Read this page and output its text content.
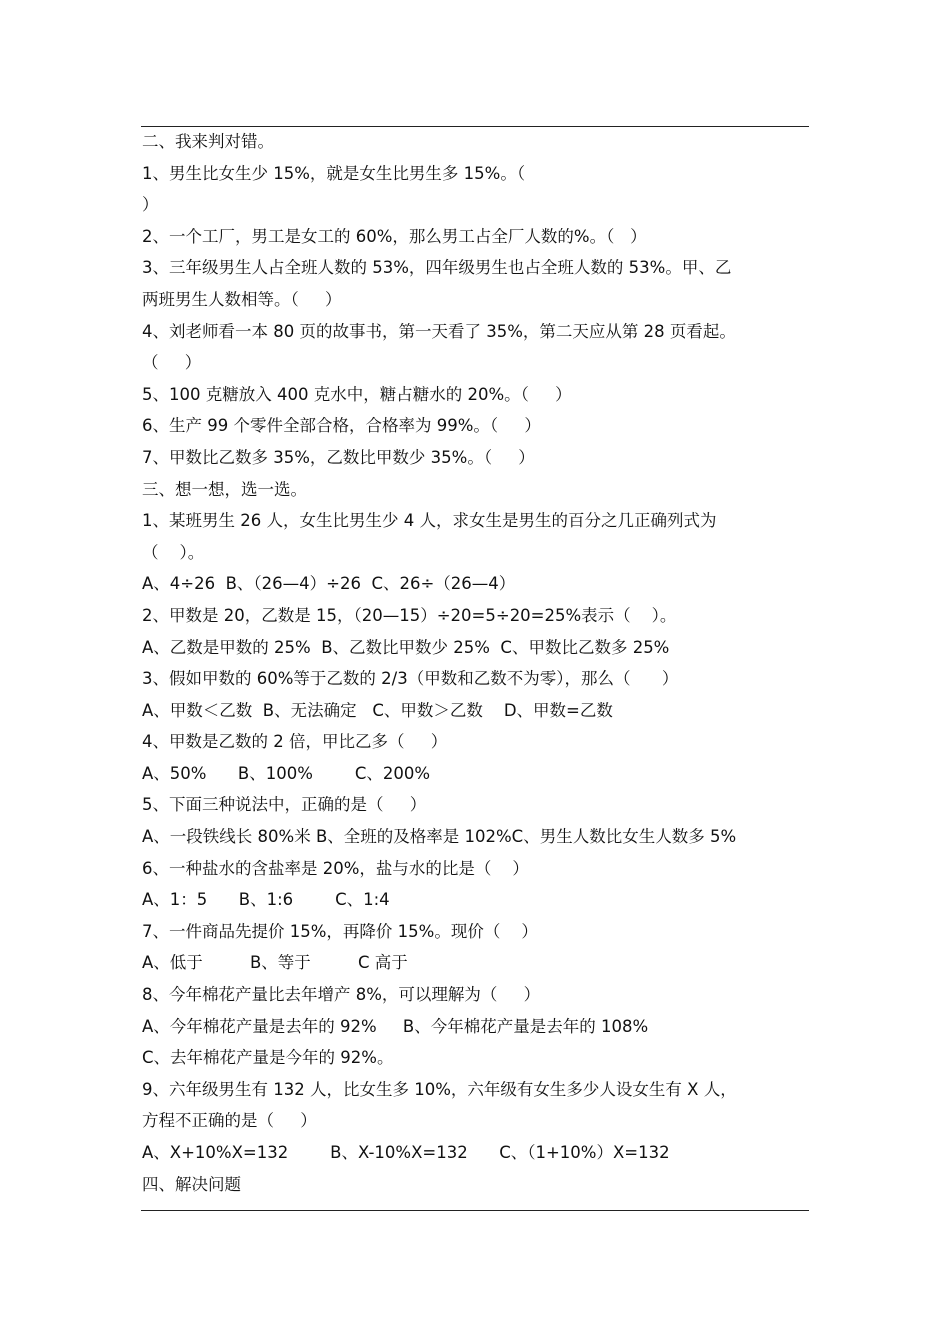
二、我来判对错。
1、男生比女生少 15%，就是女生比男生多 15%。（
）
2、一个工厂，男工是女工的 60%，那么男工占全厂人数的%。（   ）
3、三年级男生人占全班人数的 53%，四年级男生也占全班人数的 53%。甲、乙
两班男生人数相等。（     ）
4、刘老师看一本 80 页的故事书，第一天看了 35%，第二天应从第 28 页看起。
（     ）
5、100 克糖放入 400 克水中，糖占糖水的 20%。（     ）
6、生产 99 个零件全部合格，合格率为 99%。（     ）
7、甲数比乙数多 35%，乙数比甲数少 35%。（     ）
三、想一想，选一选。
1、某班男生 26 人，女生比男生少 4 人，求女生是男生的百分之几正确列式为
（    ）。
A、4÷26  B、（26—4）÷26  C、26÷（26—4）
2、甲数是 20，乙数是 15，（20—15）÷20=5÷20=25%表示（    ）。
A、乙数是甲数的 25%  B、乙数比甲数少 25%  C、甲数比乙数多 25%
3、假如甲数的 60%等于乙数的 2/3（甲数和乙数不为零），那么（      ）
A、甲数＜乙数  B、无法确定   C、甲数＞乙数    D、甲数=乙数
4、甲数是乙数的 2 倍，甲比乙多（     ）
A、50%      B、100%        C、200%
5、下面三种说法中，正确的是（     ）
A、一段铁线长 80%米 B、全班的及格率是 102%C、男生人数比女生人数多 5%
6、一种盐水的含盐率是 20%，盐与水的比是（    ）
A、1：5      B、1:6        C、1:4
7、一件商品先提价 15%，再降价 15%。现价（    ）
A、低于         B、等于         C 高于
8、今年棉花产量比去年增产 8%，可以理解为（     ）
A、今年棉花产量是去年的 92%     B、今年棉花产量是去年的 108%
C、去年棉花产量是今年的 92%。
9、六年级男生有 132 人，比女生多 10%，六年级有女生多少人设女生有 X 人，
方程不正确的是（     ）
A、X+10%X=132        B、X-10%X=132      C、（1+10%）X=132
四、解决问题
